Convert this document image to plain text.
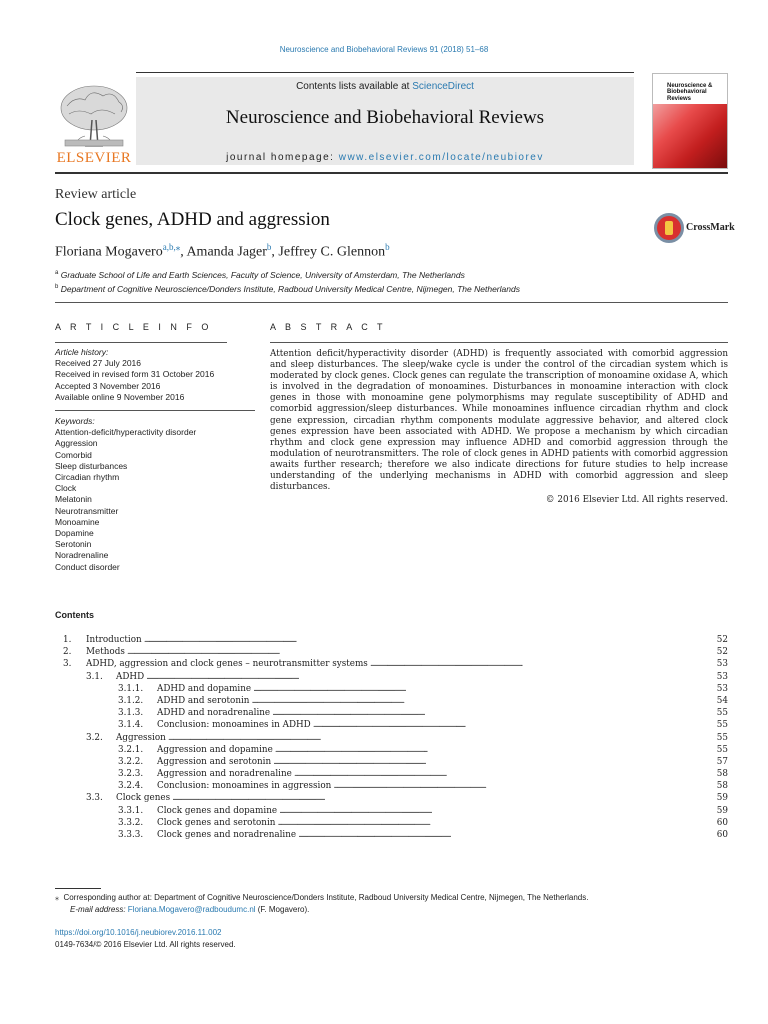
Neuroscience and Biobehavioral Reviews 91 (2018) 51–68
ELSEVIER
Contents lists available at ScienceDirect
Neuroscience and Biobehavioral Reviews
journal homepage: www.elsevier.com/locate/neubiorev
Neuroscience & Biobehavioral Reviews
Review article
Clock genes, ADHD and aggression
Floriana Mogavero$^{a,b,⁎}$, Amanda Jager$^b$, Jeffrey C. Glennon$^b$
CrossMark
$^a$ Graduate School of Life and Earth Sciences, Faculty of Science, University of Amsterdam, The Netherlands
$^b$ Department of Cognitive Neuroscience/Donders Institute, Radboud University Medical Centre, Nijmegen, The Netherlands
A R T I C L E I N F O	A B S T R A C T
Article history:
Received 27 July 2016
Received in revised form 31 October 2016
Accepted 3 November 2016
Available online 9 November 2016
Keywords:
Attention-deficit/hyperactivity disorder
Aggression
Comorbid
Sleep disturbances
Circadian rhythm
Clock
Melatonin
Neurotransmitter
Monoamine
Dopamine
Serotonin
Noradrenaline
Conduct disorder
Attention deficit/hyperactivity disorder (ADHD) is frequently associated with comorbid aggression and sleep disturbances. The sleep/wake cycle is under the control of the circadian system which is moderated by clock genes. Clock genes can regulate the transcription of monoamine oxidase A, which is involved in the degradation of monoamines. Disturbances in monoamine interaction with clock genes in those with monoamine gene polymorphisms may regulate susceptibility of ADHD and comorbid aggression/sleep disturbances. While monoamines influence circadian rhythm and clock gene expression, circadian rhythm components modulate aggressive behavior, and altered clock genes expression have been associated with ADHD. We propose a mechanism by which circadian rhythm and clock gene expression may influence ADHD and comorbid aggression through the modulation of neurotransmitters. The role of clock genes in ADHD patients with comorbid aggression awaits further research; therefore we also indicate directions for future studies to help increase understanding of the underlying mechanisms in ADHD with comorbid aggression and sleep disturbances.
© 2016 Elsevier Ltd. All rights reserved.
Contents
1.	Introduction . . .	52
2.	Methods . . .	52
3.	ADHD, aggression and clock genes – neurotransmitter systems . . .	53
3.1.	ADHD . . .	53
3.1.1.	ADHD and dopamine . . .	53
3.1.2.	ADHD and serotonin . . .	54
3.1.3.	ADHD and noradrenaline . . .	55
3.1.4.	Conclusion: monoamines in ADHD . . .	55
3.2.	Aggression . . .	55
3.2.1.	Aggression and dopamine . . .	55
3.2.2.	Aggression and serotonin . . .	57
3.2.3.	Aggression and noradrenaline . . .	58
3.2.4.	Conclusion: monoamines in aggression . . .	58
3.3.	Clock genes . . .	59
3.3.1.	Clock genes and dopamine . . .	59
3.3.2.	Clock genes and serotonin . . .	60
3.3.3.	Clock genes and noradrenaline . . .	60
⁎ Corresponding author at: Department of Cognitive Neuroscience/Donders Institute, Radboud University Medical Centre, Nijmegen, The Netherlands.
E-mail address: Floriana.Mogavero@radboudumc.nl (F. Mogavero).
https://doi.org/10.1016/j.neubiorev.2016.11.002
0149-7634/© 2016 Elsevier Ltd. All rights reserved.
